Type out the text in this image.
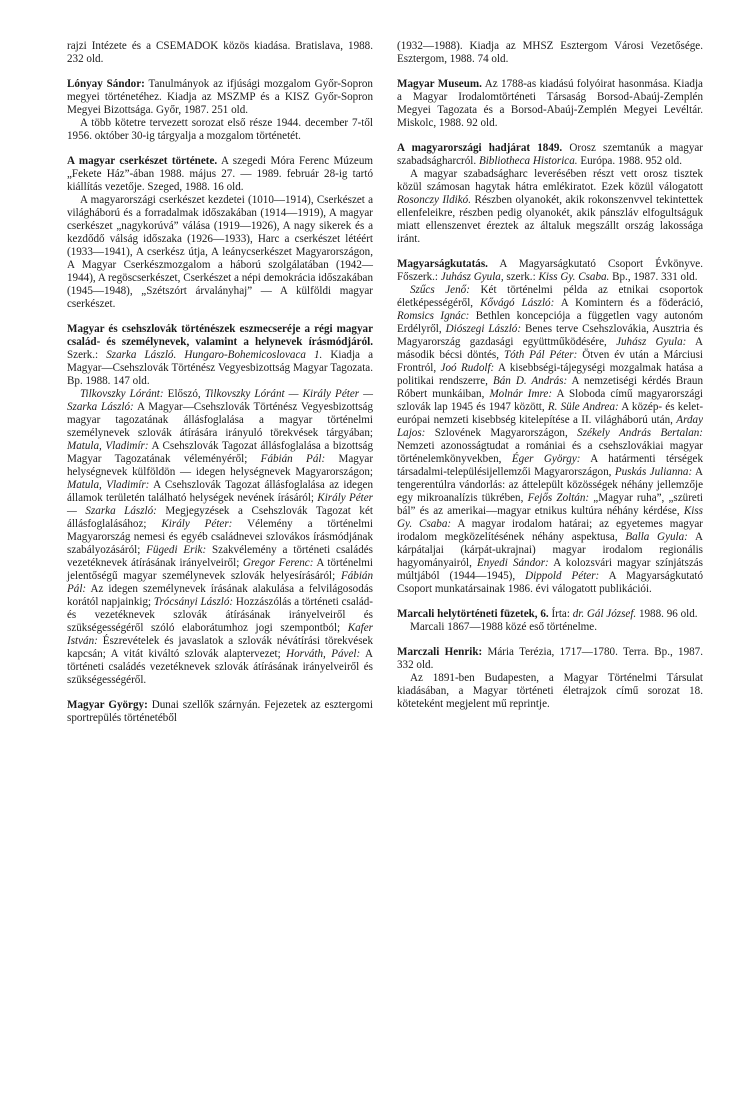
rajzi Intézete és a CSEMADOK közös kiadása. Bratislava, 1988. 232 old.

Lónyay Sándor: Tanulmányok az ifjúsági mozgalom Győr-Sopron megyei történetéhez. Kiadja az MSZMP és a KISZ Győr-Sopron Megyei Bizottsága. Győr, 1987. 251 old.

A több kötetre tervezett sorozat első része 1944. december 7-től 1956. október 30-ig tárgyalja a mozgalom történetét.

A magyar cserkészet története. A szegedi Móra Ferenc Múzeum „Fekete Ház”-ában 1988. május 27. — 1989. február 28-ig tartó kiállítás vezetője. Szeged, 1988. 16 old.

A magyarországi cserkészet kezdetei (1010—1914), Cserkészet a világháború és a forradalmak időszakában (1914—1919), A magyar cserkészet „nagykorúvá” válása (1919—1926), A nagy sikerek és a kezdődő válság időszaka (1926—1933), Harc a cserkészet létéért (1933—1941), A cserkész útja, A leánycserkészet Magyarországon, A Magyar Cserkészmozgalom a háború szolgálatában (1942—1944), A regöscserkészet, Cserkészet a népi demokrácia időszakában (1945—1948), „Szétszórt árvalányhaj” — A külföldi magyar cserkészet.

Magyar és csehszlovák történészek eszmecseréje a régi magyar család- és személynevek, valamint a helynevek írásmódjáról. Szerk.: Szarka László. Hungaro-Bohemicoslovaca 1. Kiadja a Magyar—Csehszlovák Történész Vegyesbizottság Magyar Tagozata. Bp. 1988. 147 old.

Tilkovszky Lóránt: Előszó, Tilkovszky Lóránt — Király Péter — Szarka László: A Magyar—Csehszlovák Történész Vegyesbizottság magyar tagozatának állásfoglalása a magyar történelmi személynevek szlovák átírására irányuló törekvések tárgyában; Matula, Vladimír: A Csehszlovák Tagozat állásfoglalása a bizottság Magyar Tagozatának véleményéről; Fábián Pál: Magyar helységnevek külföldön — idegen helységnevek Magyarországon; Matula, Vladimír: A Csehszlovák Tagozat állásfoglalása az idegen államok területén található helységek nevének írásáról; Király Péter — Szarka László: Megjegyzések a Csehszlovák Tagozat két állásfoglalásához; Király Péter: Vélemény a történelmi Magyarország nemesi és egyéb családnevei szlovákos írásmódjának szabályozásáról; Fügedi Erik: Szakvélemény a történeti családés vezetéknevek átírásának irányelveiről; Gregor Ferenc: A történelmi jelentőségű magyar személynevek szlovák helyesírásáról; Fábián Pál: Az idegen személynevek írásának alakulása a felvilágosodás korától napjainkig; Trócsányi László: Hozzászólás a történeti család- és vezetéknevek szlovák átírásának irányelveiről és szükségességéről szóló elaborátumhoz jogi szempontból; Kafer István: Észrevételek és javaslatok a szlovák névátírási törekvések kapcsán; A vitát kiváltó szlovák alaptervezet; Horváth, Pável: A történeti családés vezetéknevek szlovák átírásának irányelveiről és szükségességéről.

Magyar György: Dunai szellők szárnyán. Fejezetek az esztergomi sportrepülés történetéből

(1932—1988). Kiadja az MHSZ Esztergom Városi Vezetősége. Esztergom, 1988. 74 old.

Magyar Museum. Az 1788-as kiadású folyóirat hasonmása. Kiadja a Magyar Irodalomtörténeti Társaság Borsod-Abaúj-Zemplén Megyei Tagozata és a Borsod-Abaúj-Zemplén Megyei Levéltár. Miskolc, 1988. 92 old.

A magyarországi hadjárat 1849. Orosz szemtanúk a magyar szabadságharcról. Bibliotheca Historica. Európa. 1988. 952 old.

A magyar szabadságharc leverésében részt vett orosz tisztek közül számosan hagytak hátra emlékiratot. Ezek közül válogatott Rosonczy Ildikó. Részben olyanokét, akik rokonszenvvel tekintettek ellenfeleikre, részben pedig olyanokét, akik pánszláv elfogultságuk miatt ellenszenvet éreztek az általuk megszállt ország lakossága iránt.

Magyarságkutatás. A Magyarságkutató Csoport Évkönyve. Főszerk.: Juhász Gyula, szerk.: Kiss Gy. Csaba. Bp., 1987. 331 old.

Szűcs Jenő: Két történelmi példa az etnikai csoportok életképességéről, Kővágó László: A Komintern és a föderáció, Romsics Ignác: Bethlen koncepciója a független vagy autonóm Erdélyről, Diószegi László: Benes terve Csehszlovákia, Ausztria és Magyarország gazdasági együttműködésére, Juhász Gyula: A második bécsi döntés, Tóth Pál Péter: Ötven év után a Márciusi Frontról, Joó Rudolf: A kisebbségi-tájegységi mozgalmak hatása a politikai rendszerre, Bán D. András: A nemzetiségi kérdés Braun Róbert munkáiban, Molnár Imre: A Sloboda című magyarországi szlovák lap 1945 és 1947 között, R. Süle Andrea: A közép- és kelet-európai nemzeti kisebbség kitelepítése a II. világháború után, Arday Lajos: Szlovének Magyarországon, Székely András Bertalan: Nemzeti azonosságtudat a romániai és a csehszlovákiai magyar történelemkönyvekben, Éger György: A határmenti térségek társadalmi-településijellemzői Magyarországon, Puskás Julianna: A tengerentúlra vándorlás: az áttelepült közösségek néhány jellemzője egy mikroanalízis tükrében, Fejős Zoltán: „Magyar ruha”, „szüreti bál” és az amerikai—magyar etnikus kultúra néhány kérdése, Kiss Gy. Csaba: A magyar irodalom határai; az egyetemes magyar irodalom megközelítésének néhány aspektusa, Balla Gyula: A kárpátaljai (kárpát-ukrajnai) magyar irodalom regionális hagyományairól, Enyedi Sándor: A kolozsvári magyar színjátszás múltjából (1944—1945), Dippold Péter: A Magyarságkutató Csoport munkatársainak 1986. évi válogatott publikációi.

Marcali helytörténeti füzetek, 6. Írta: dr. Gál József. 1988. 96 old.

Marcali 1867—1988 közé eső történelme.

Marczali Henrik: Mária Terézia, 1717—1780. Terra. Bp., 1987. 332 old.

Az 1891-ben Budapesten, a Magyar Történelmi Társulat kiadásában, a Magyar történeti életrajzok című sorozat 18. köteteként megjelent mű reprintje.
